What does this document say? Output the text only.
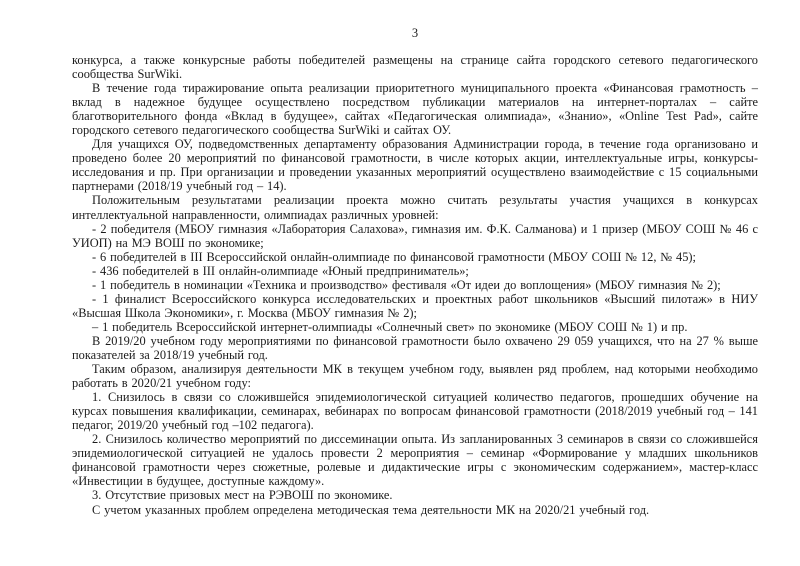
3

конкурса, а также конкурсные работы победителей размещены на странице сайта городского сетевого педагогического сообщества SurWiki.

В течение года тиражирование опыта реализации приоритетного муниципального проекта «Финансовая грамотность – вклад в надежное будущее осуществлено посредством публикации материалов на интернет-порталах – сайте благотворительного фонда «Вклад в будущее», сайтах «Педагогическая олимпиада», «Знанио», «Online Test Pad», сайте городского сетевого педагогического сообщества SurWiki и сайтах ОУ.

Для учащихся ОУ, подведомственных департаменту образования Администрации города, в течение года организовано и проведено более 20 мероприятий по финансовой грамотности, в числе которых акции, интеллектуальные игры, конкурсы-исследования и пр. При организации и проведении указанных мероприятий осуществлено взаимодействие с 15 социальными партнерами (2018/19 учебный год – 14).

Положительным результатами реализации проекта можно считать результаты участия учащихся в конкурсах интеллектуальной направленности, олимпиадах различных уровней:

- 2 победителя (МБОУ гимназия «Лаборатория Салахова», гимназия им. Ф.К. Салманова) и 1 призер (МБОУ СОШ № 46 с УИОП) на МЭ ВОШ по экономике;

- 6 победителей в III Всероссийской онлайн-олимпиаде по финансовой грамотности (МБОУ СОШ № 12, № 45);

- 436 победителей в III онлайн-олимпиаде «Юный предприниматель»;

- 1 победитель в номинации «Техника и производство» фестиваля «От идеи до воплощения» (МБОУ гимназия № 2);

- 1 финалист Всероссийского конкурса исследовательских и проектных работ школьников «Высший пилотаж» в НИУ «Высшая Школа Экономики», г. Москва (МБОУ гимназия № 2);

– 1 победитель Всероссийской интернет-олимпиады «Солнечный свет» по экономике (МБОУ СОШ № 1) и пр.

В 2019/20 учебном году мероприятиями по финансовой грамотности было охвачено 29 059 учащихся, что на 27 % выше показателей за 2018/19 учебный год.

Таким образом, анализируя деятельности МК в текущем учебном году, выявлен ряд проблем, над которыми необходимо работать в 2020/21 учебном году:

1. Снизилось в связи со сложившейся эпидемиологической ситуацией количество педагогов, прошедших обучение на курсах повышения квалификации, семинарах, вебинарах по вопросам финансовой грамотности (2018/2019 учебный год – 141 педагог, 2019/20 учебный год –102 педагога).

2. Снизилось количество мероприятий по диссеминации опыта. Из запланированных 3 семинаров в связи со сложившейся эпидемиологической ситуацией не удалось провести 2 мероприятия – семинар «Формирование у младших школьников финансовой грамотности через сюжетные, ролевые и дидактические игры с экономическим содержанием», мастер-класс «Инвестиции в будущее, доступные каждому».

3. Отсутствие призовых мест на РЭВОШ по экономике.

С учетом указанных проблем определена методическая тема деятельности МК на 2020/21 учебный год.
